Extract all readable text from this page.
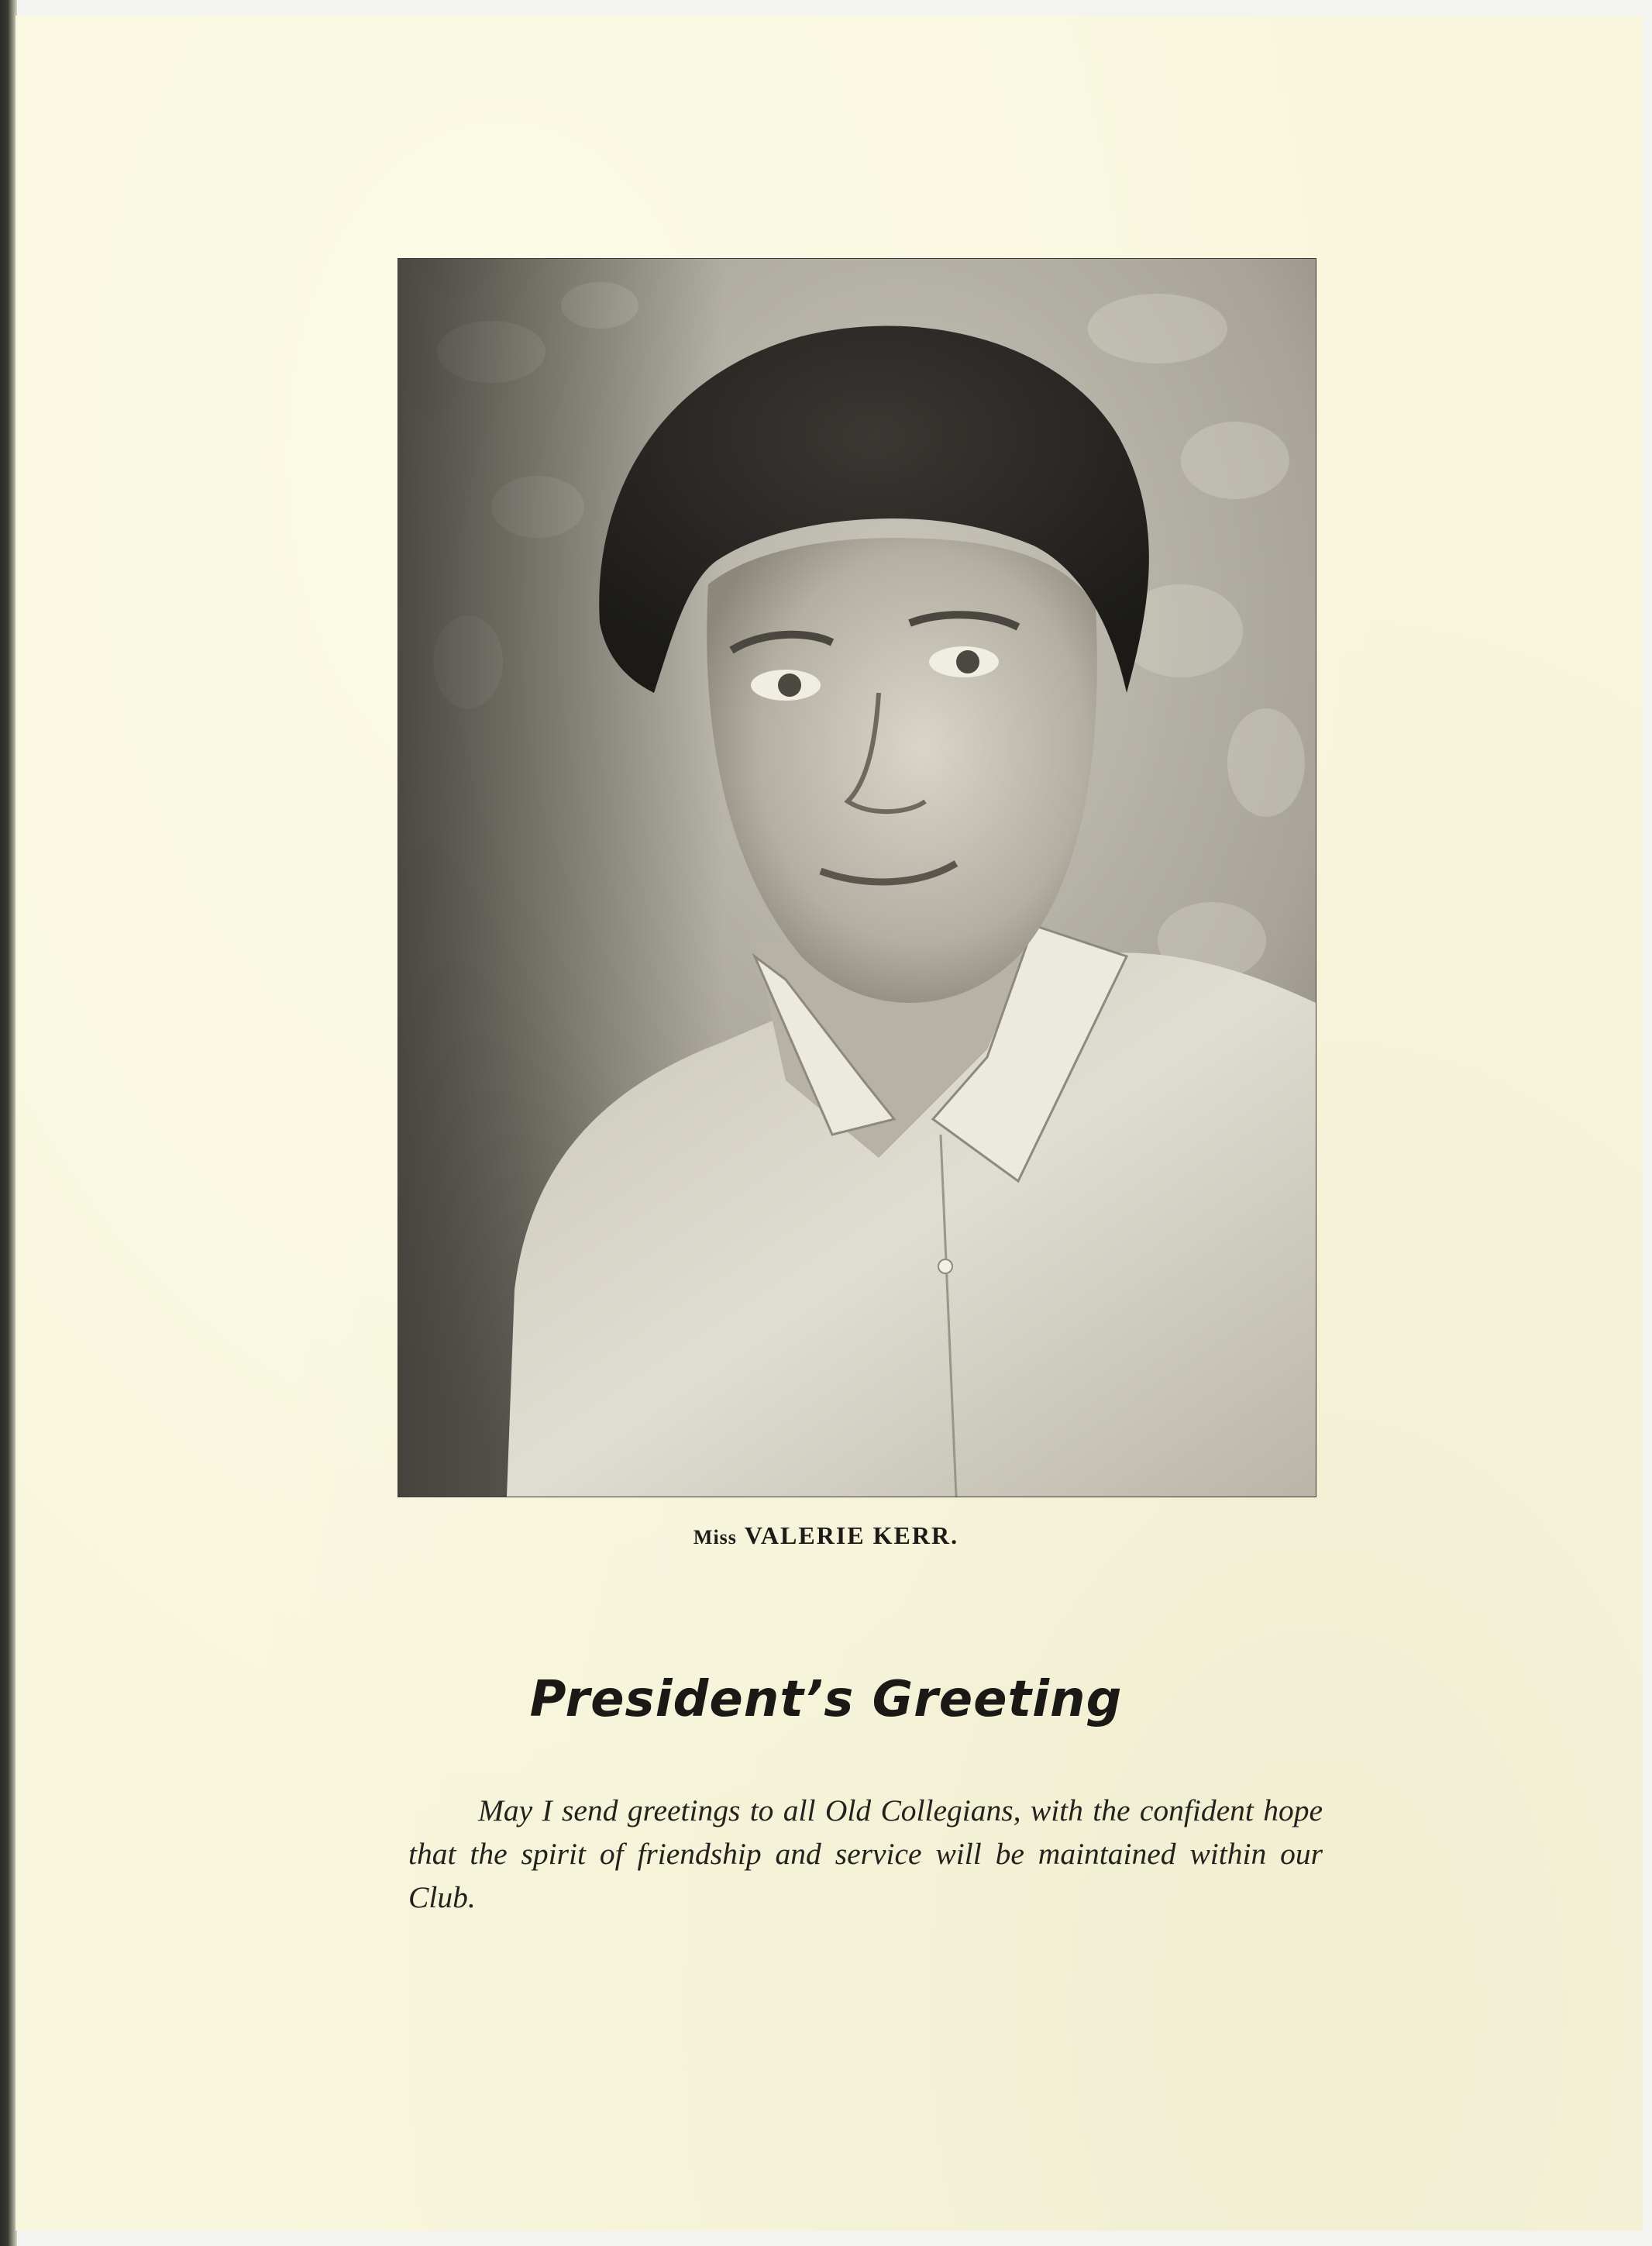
Miss VALERIE KERR.
President’s Greeting

May I send greetings to all Old Collegians, with the confident hope that the spirit of friendship and service will be maintained within our Club.
